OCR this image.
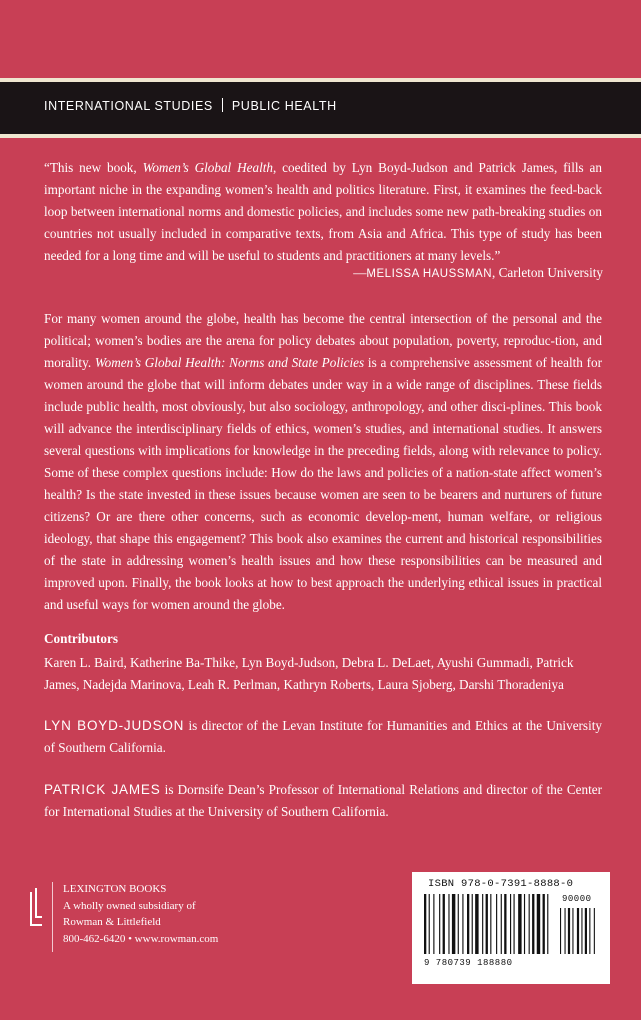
INTERNATIONAL STUDIES PUBLIC HEALTH
“This new book, Women’s Global Health, coedited by Lyn Boyd-Judson and Patrick James, fills an important niche in the expanding women’s health and politics literature. First, it examines the feed-back loop between international norms and domestic policies, and includes some new path-breaking studies on countries not usually included in comparative texts, from Asia and Africa. This type of study has been needed for a long time and will be useful to students and practitioners at many levels.”
—MELISSA HAUSSMAN, Carleton University
For many women around the globe, health has become the central intersection of the personal and the political; women’s bodies are the arena for policy debates about population, poverty, reproduc-tion, and morality. Women’s Global Health: Norms and State Policies is a comprehensive assessment of health for women around the globe that will inform debates under way in a wide range of disciplines. These fields include public health, most obviously, but also sociology, anthropology, and other disci-plines. This book will advance the interdisciplinary fields of ethics, women’s studies, and international studies. It answers several questions with implications for knowledge in the preceding fields, along with relevance to policy. Some of these complex questions include: How do the laws and policies of a nation-state affect women’s health? Is the state invested in these issues because women are seen to be bearers and nurturers of future citizens? Or are there other concerns, such as economic develop-ment, human welfare, or religious ideology, that shape this engagement? This book also examines the current and historical responsibilities of the state in addressing women’s health issues and how these responsibilities can be measured and improved upon. Finally, the book looks at how to best approach the underlying ethical issues in practical and useful ways for women around the globe.
Contributors
Karen L. Baird, Katherine Ba-Thike, Lyn Boyd-Judson, Debra L. DeLaet, Ayushi Gummadi, Patrick James, Nadejda Marinova, Leah R. Perlman, Kathryn Roberts, Laura Sjoberg, Darshi Thoradeniya
LYN BOYD-JUDSON is director of the Levan Institute for Humanities and Ethics at the University of Southern California.
PATRICK JAMES is Dornsife Dean’s Professor of International Relations and director of the Center for International Studies at the University of Southern California.
LEXINGTON BOOKS
A wholly owned subsidiary of
Rowman & Littlefield
800-462-6420 • www.rowman.com
ISBN 978-0-7391-8888-0
9 780739 188880
90000
